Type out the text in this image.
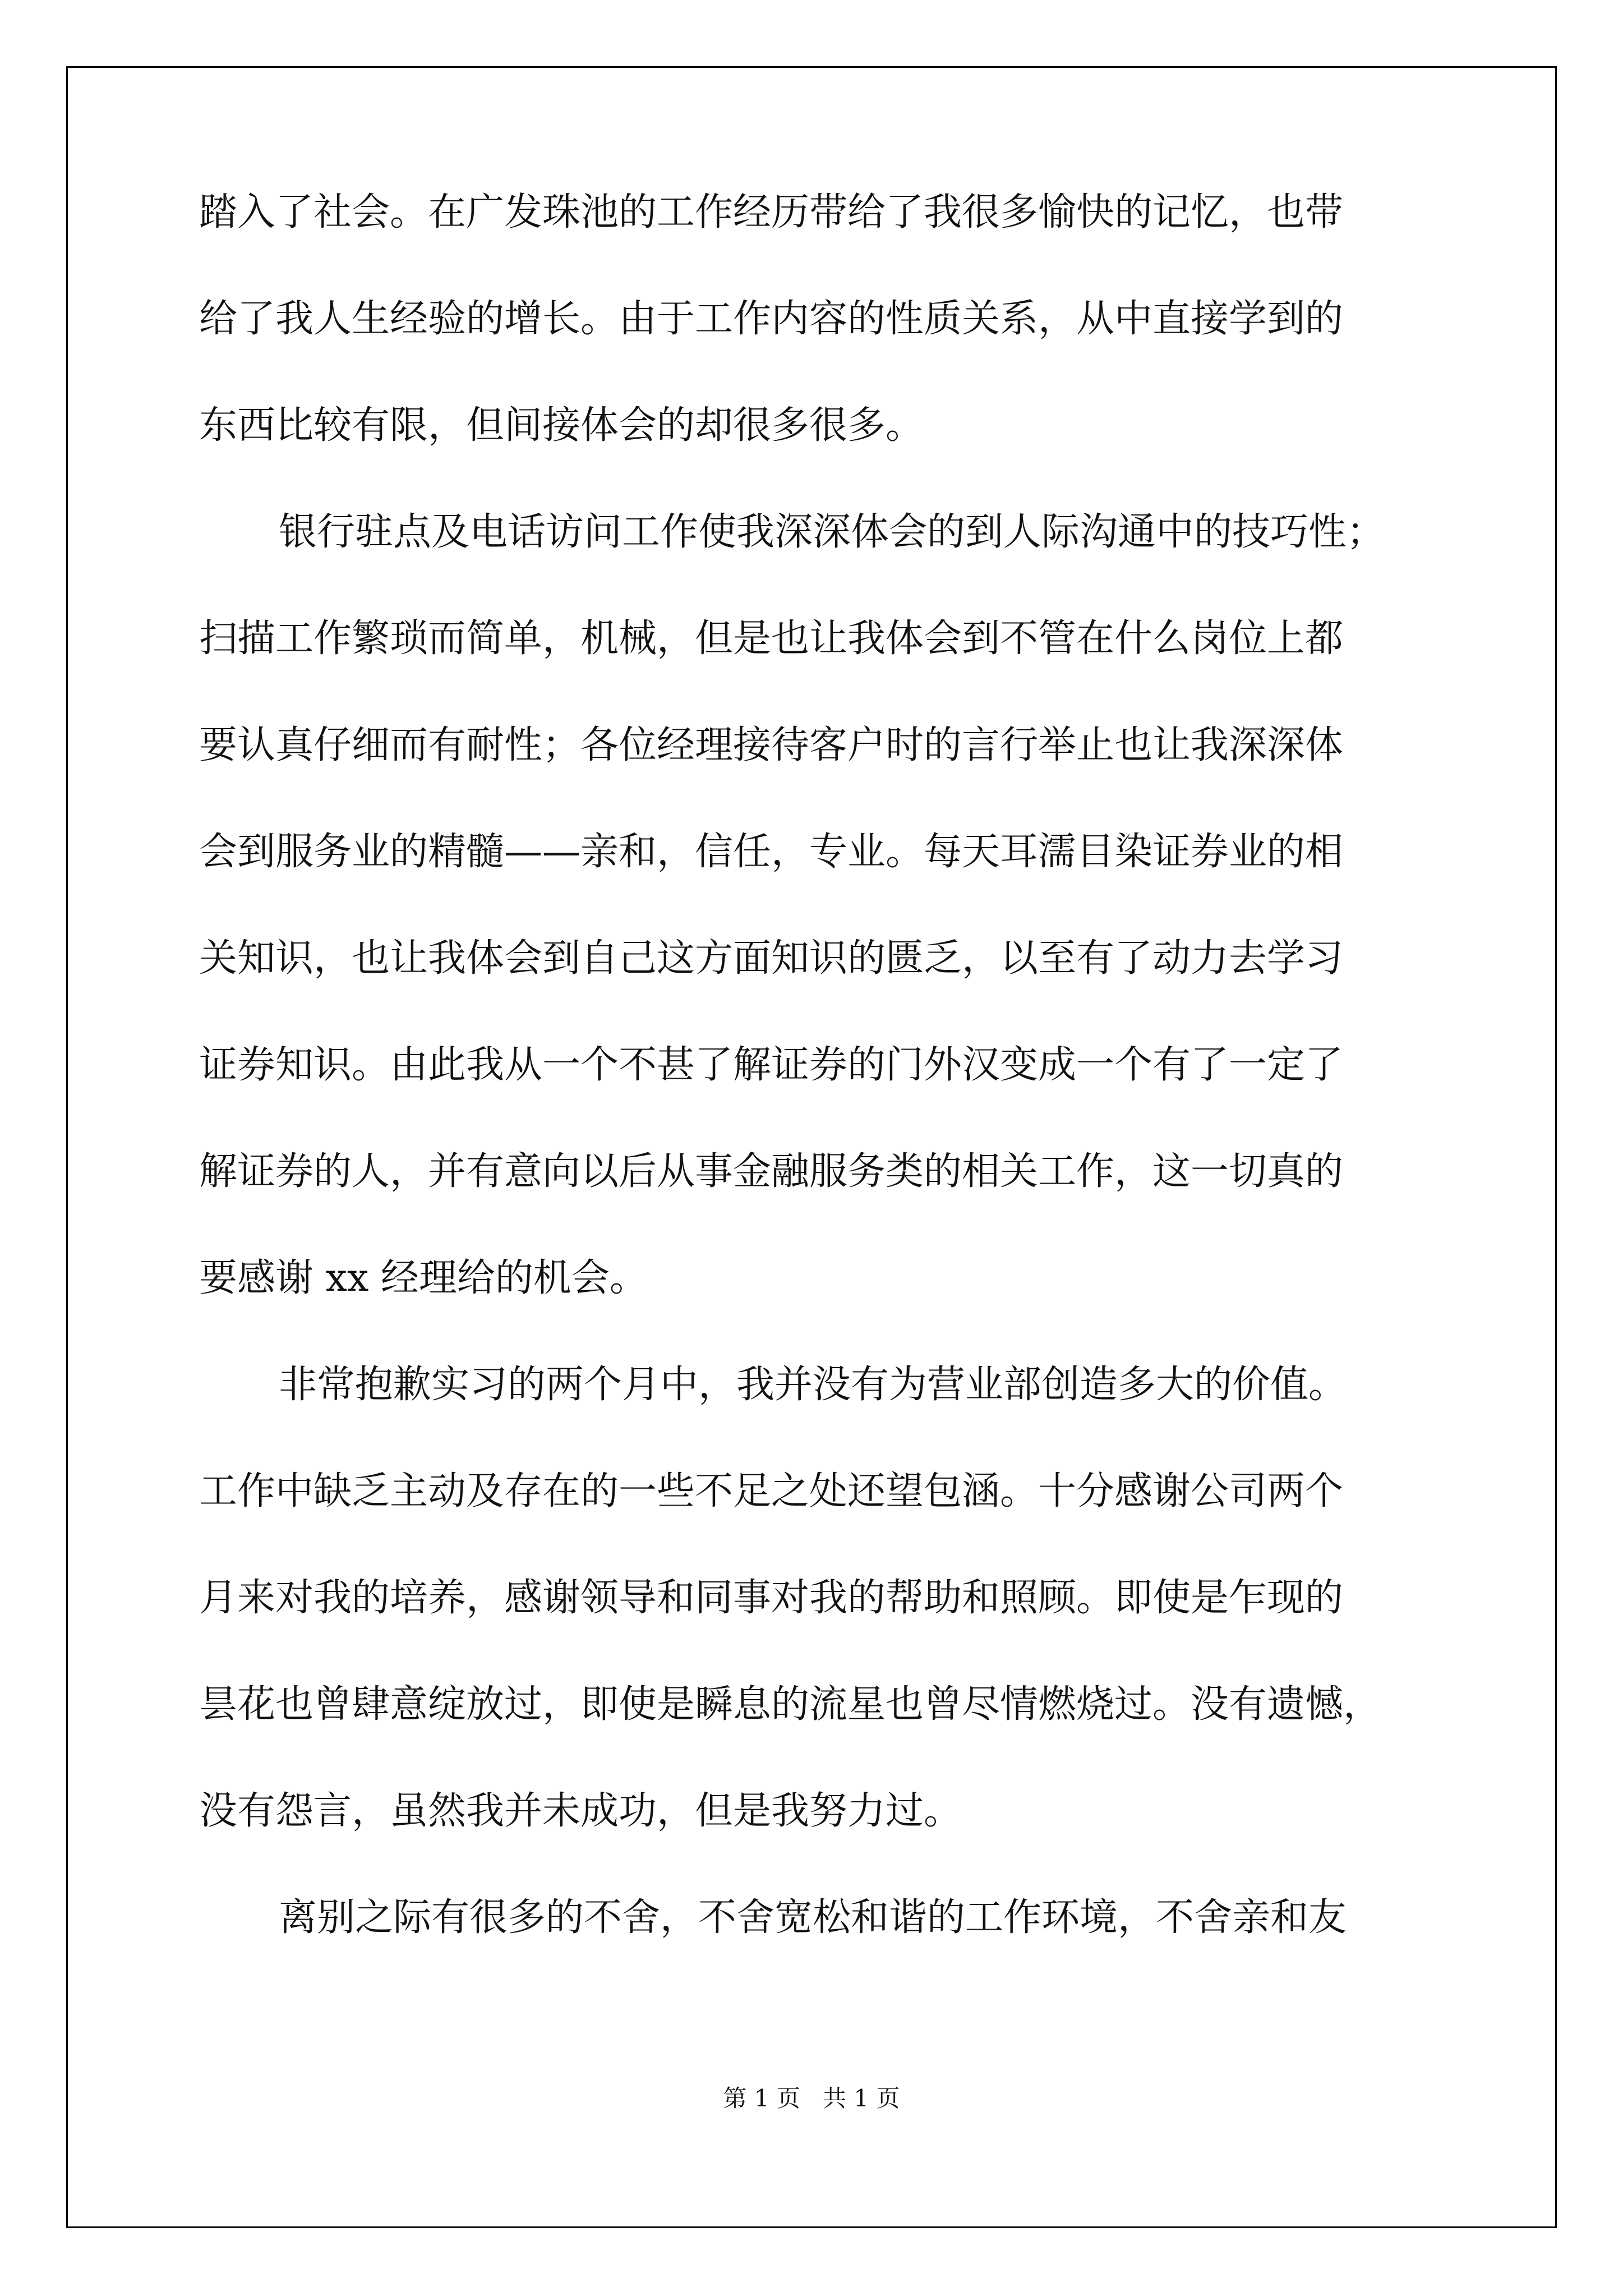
踏入了社会。在广发珠池的工作经历带给了我很多愉快的记忆，也带
给了我人生经验的增长。由于工作内容的性质关系，从中直接学到的
东西比较有限，但间接体会的却很多很多。
银行驻点及电话访问工作使我深深体会的到人际沟通中的技巧性；
扫描工作繁琐而简单，机械，但是也让我体会到不管在什么岗位上都
要认真仔细而有耐性；各位经理接待客户时的言行举止也让我深深体
会到服务业的精髓——亲和，信任，专业。每天耳濡目染证券业的相
关知识，也让我体会到自己这方面知识的匮乏，以至有了动力去学习
证券知识。由此我从一个不甚了解证券的门外汉变成一个有了一定了
解证券的人，并有意向以后从事金融服务类的相关工作，这一切真的
要感谢 xx 经理给的机会。
非常抱歉实习的两个月中，我并没有为营业部创造多大的价值。
工作中缺乏主动及存在的一些不足之处还望包涵。十分感谢公司两个
月来对我的培养，感谢领导和同事对我的帮助和照顾。即使是乍现的
昙花也曾肆意绽放过，即使是瞬息的流星也曾尽情燃烧过。没有遗憾，
没有怨言，虽然我并未成功，但是我努力过。
离别之际有很多的不舍，不舍宽松和谐的工作环境，不舍亲和友
第 1 页 共 1 页
